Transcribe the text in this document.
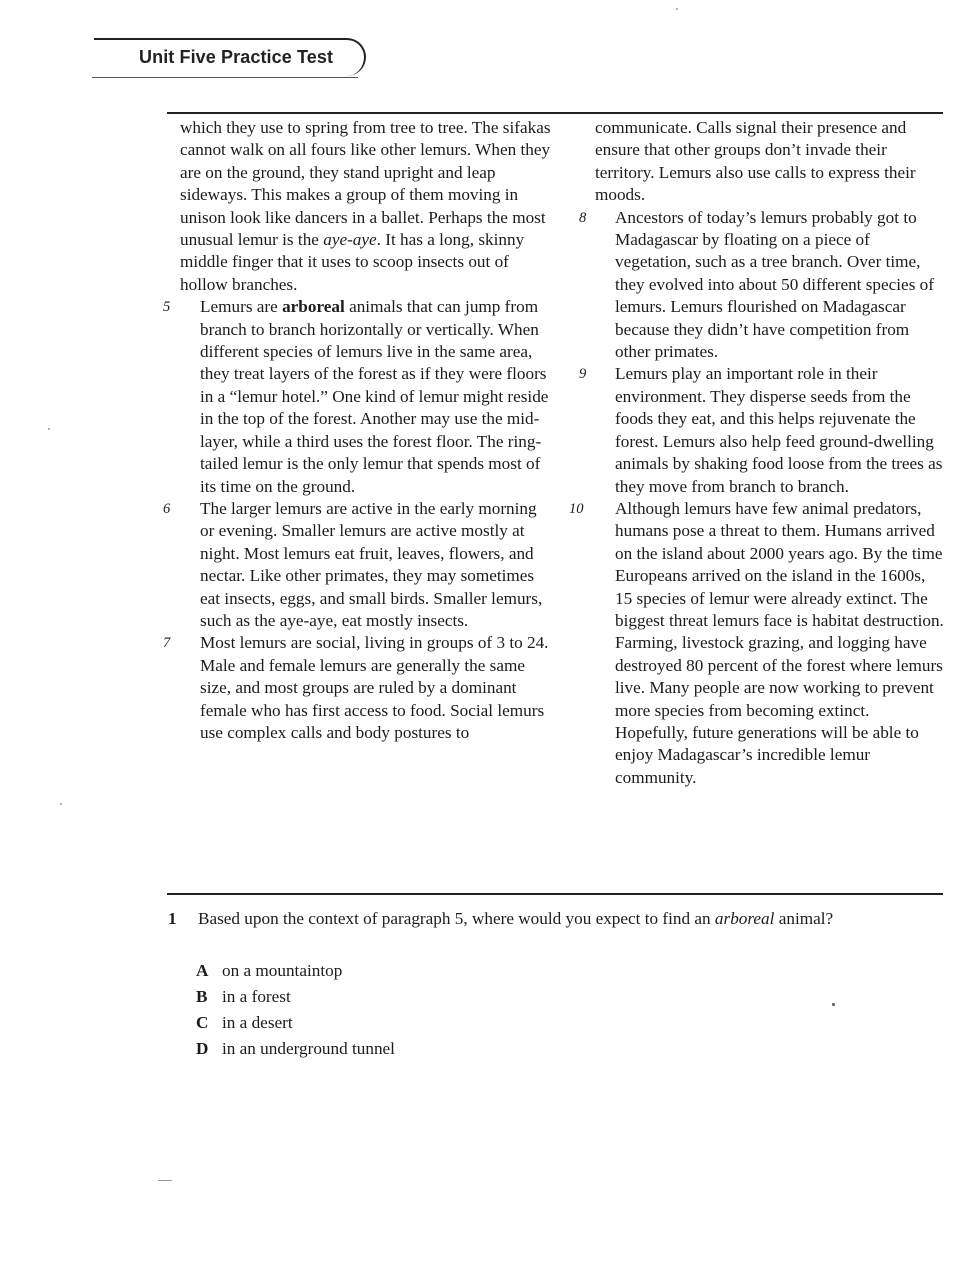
Unit Five Practice Test

which they use to spring from tree to tree. The sifakas cannot walk on all fours like other lemurs. When they are on the ground, they stand upright and leap sideways. This makes a group of them moving in unison look like dancers in a ballet. Perhaps the most unusual lemur is the aye-aye. It has a long, skinny middle finger that it uses to scoop insects out of hollow branches.

5 Lemurs are arboreal animals that can jump from branch to branch horizontally or vertically. When different species of lemurs live in the same area, they treat layers of the forest as if they were floors in a “lemur hotel.” One kind of lemur might reside in the top of the forest. Another may use the mid-layer, while a third uses the forest floor. The ring-tailed lemur is the only lemur that spends most of its time on the ground.

6 The larger lemurs are active in the early morning or evening. Smaller lemurs are active mostly at night. Most lemurs eat fruit, leaves, flowers, and nectar. Like other primates, they may sometimes eat insects, eggs, and small birds. Smaller lemurs, such as the aye-aye, eat mostly insects.

7 Most lemurs are social, living in groups of 3 to 24. Male and female lemurs are generally the same size, and most groups are ruled by a dominant female who has first access to food. Social lemurs use complex calls and body postures to

communicate. Calls signal their presence and ensure that other groups don’t invade their territory. Lemurs also use calls to express their moods.

8 Ancestors of today’s lemurs probably got to Madagascar by floating on a piece of vegetation, such as a tree branch. Over time, they evolved into about 50 different species of lemurs. Lemurs flourished on Madagascar because they didn’t have competition from other primates.

9 Lemurs play an important role in their environment. They disperse seeds from the foods they eat, and this helps rejuvenate the forest. Lemurs also help feed ground-dwelling animals by shaking food loose from the trees as they move from branch to branch.

10 Although lemurs have few animal predators, humans pose a threat to them. Humans arrived on the island about 2000 years ago. By the time Europeans arrived on the island in the 1600s, 15 species of lemur were already extinct. The biggest threat lemurs face is habitat destruction. Farming, livestock grazing, and logging have destroyed 80 percent of the forest where lemurs live. Many people are now working to prevent more species from becoming extinct. Hopefully, future generations will be able to enjoy Madagascar’s incredible lemur community.

1 Based upon the context of paragraph 5, where would you expect to find an arboreal animal?
A on a mountaintop
B in a forest
C in a desert
D in an underground tunnel
